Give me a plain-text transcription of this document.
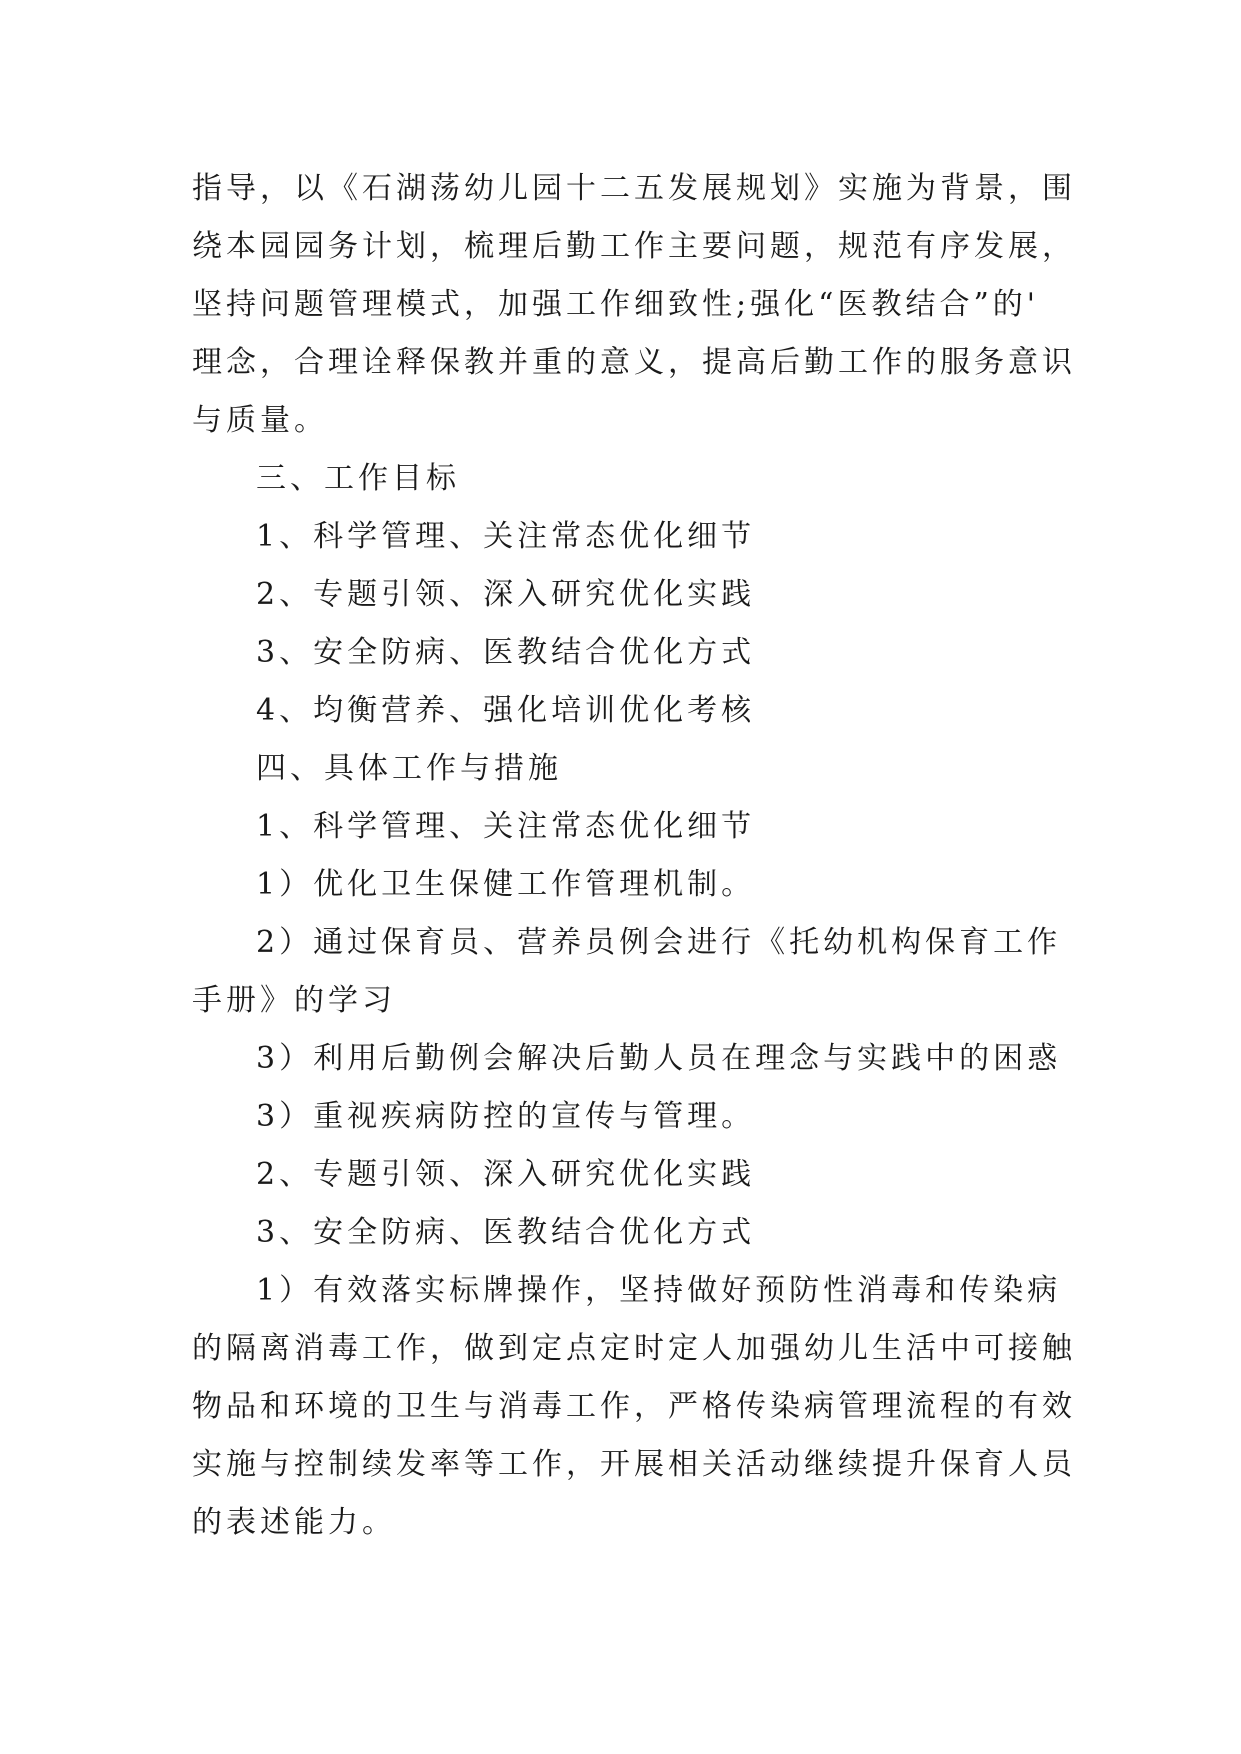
指导，以《石湖荡幼儿园十二五发展规划》实施为背景，围
绕本园园务计划，梳理后勤工作主要问题，规范有序发展，
坚持问题管理模式，加强工作细致性;强化“医教结合”的'
理念，合理诠释保教并重的意义，提高后勤工作的服务意识
与质量。
三、工作目标
1、科学管理、关注常态优化细节
2、专题引领、深入研究优化实践
3、安全防病、医教结合优化方式
4、均衡营养、强化培训优化考核
四、具体工作与措施
1、科学管理、关注常态优化细节
1）优化卫生保健工作管理机制。
2）通过保育员、营养员例会进行《托幼机构保育工作
手册》的学习
3）利用后勤例会解决后勤人员在理念与实践中的困惑
3）重视疾病防控的宣传与管理。
2、专题引领、深入研究优化实践
3、安全防病、医教结合优化方式
1）有效落实标牌操作，坚持做好预防性消毒和传染病
的隔离消毒工作，做到定点定时定人加强幼儿生活中可接触
物品和环境的卫生与消毒工作，严格传染病管理流程的有效
实施与控制续发率等工作，开展相关活动继续提升保育人员
的表述能力。
